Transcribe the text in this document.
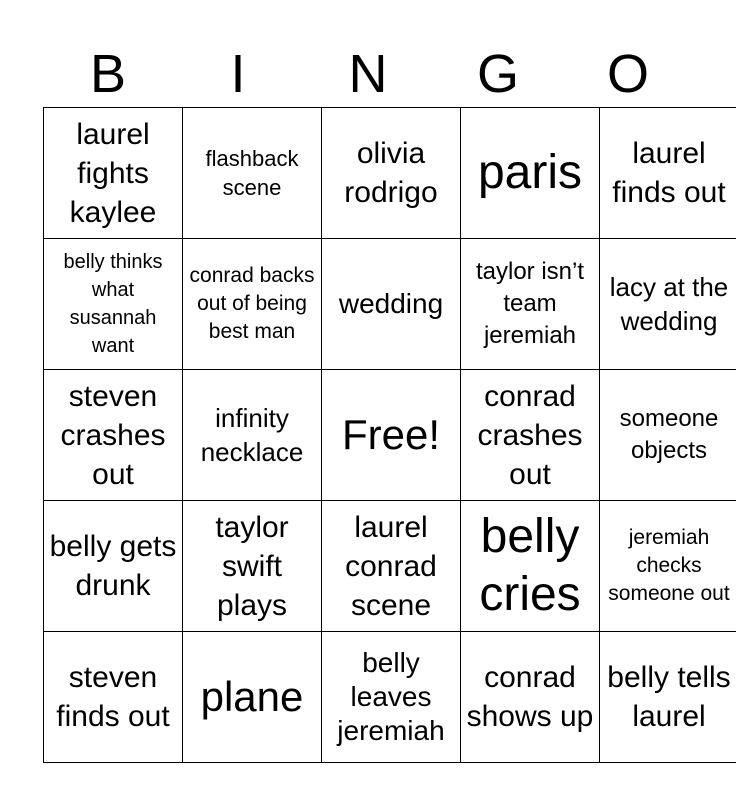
B	I	N	G	O
laurel fights kaylee	flashback scene	olivia rodrigo	paris	laurel finds out
belly thinks what susannah want	conrad backs out of being best man	wedding	taylor isn’t team jeremiah	lacy at the wedding
steven crashes out	infinity necklace	Free!	conrad crashes out	someone objects
belly gets drunk	taylor swift plays	laurel conrad scene	belly cries	jeremiah checks someone out
steven finds out	plane	belly leaves jeremiah	conrad shows up	belly tells laurel
